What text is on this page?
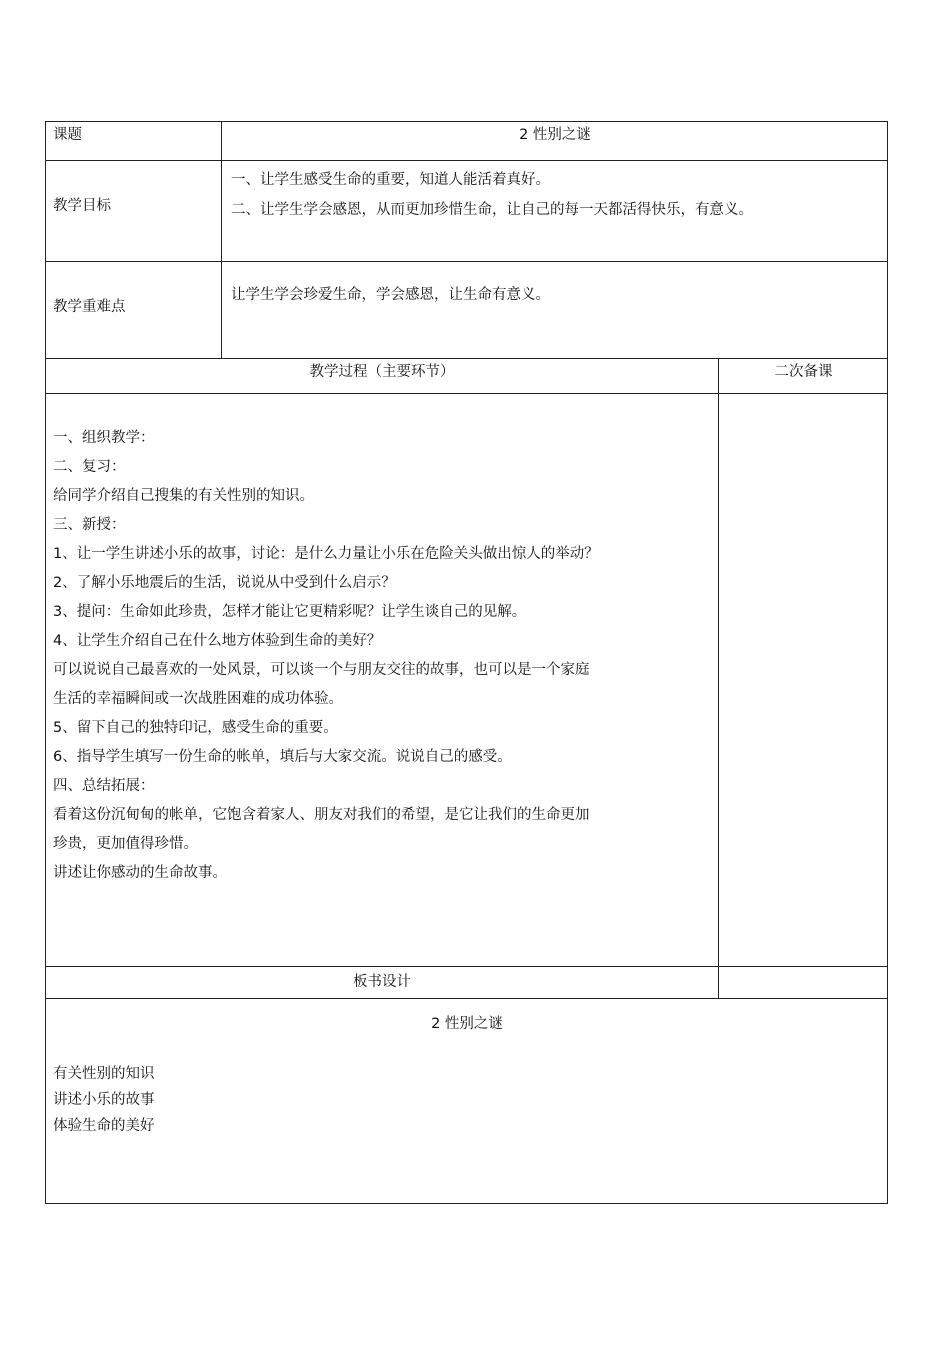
课题	2 性别之谜
教学目标
一、让学生感受生命的重要，知道人能活着真好。
二、让学生学会感恩，从而更加珍惜生命，让自己的每一天都活得快乐，有意义。
教学重难点
让学生学会珍爱生命，学会感恩，让生命有意义。
教学过程（主要环节）	二次备课
一、组织教学：
二、复习：
给同学介绍自己搜集的有关性别的知识。
三、新授：
1、让一学生讲述小乐的故事，讨论：是什么力量让小乐在危险关头做出惊人的举动？
2、了解小乐地震后的生活，说说从中受到什么启示？
3、提问：生命如此珍贵，怎样才能让它更精彩呢？让学生谈自己的见解。
4、让学生介绍自己在什么地方体验到生命的美好？
可以说说自己最喜欢的一处风景，可以谈一个与朋友交往的故事，也可以是一个家庭
生活的幸福瞬间或一次战胜困难的成功体验。
5、留下自己的独特印记，感受生命的重要。
6、指导学生填写一份生命的帐单，填后与大家交流。说说自己的感受。
四、总结拓展：
看着这份沉甸甸的帐单，它饱含着家人、朋友对我们的希望，是它让我们的生命更加
珍贵，更加值得珍惜。
讲述让你感动的生命故事。
板书设计
2 性别之谜
有关性别的知识
讲述小乐的故事
体验生命的美好
